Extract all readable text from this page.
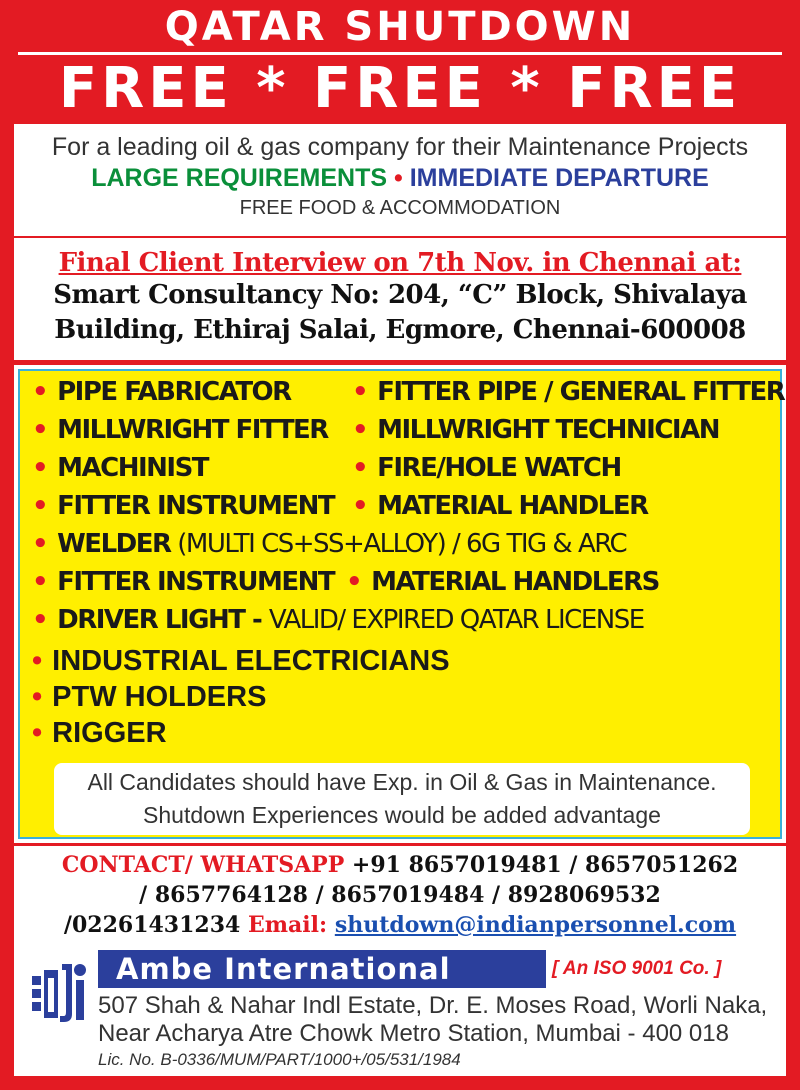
QATAR SHUTDOWN
FREE * FREE * FREE
For a leading oil & gas company for their Maintenance Projects
LARGE REQUIREMENTS • IMMEDIATE DEPARTURE
FREE FOOD & ACCOMMODATION
Final Client Interview on 7th Nov. in Chennai at:
Smart Consultancy No: 204, “C” Block, Shivalaya
Building, Ethiraj Salai, Egmore, Chennai-600008
• PIPE FABRICATOR • FITTER PIPE / GENERAL FITTER
• MILLWRIGHT FITTER • MILLWRIGHT TECHNICIAN
• MACHINIST	• FIRE/HOLE WATCH
• FITTER INSTRUMENT • MATERIAL HANDLER
• WELDER (MULTI CS+SS+ALLOY) / 6G TIG & ARC
• FITTER INSTRUMENT • MATERIAL HANDLERS
• DRIVER LIGHT - VALID/ EXPIRED QATAR LICENSE
• INDUSTRIAL ELECTRICIANS
• PTW HOLDERS
• RIGGER
All Candidates should have Exp. in Oil & Gas in Maintenance.
Shutdown Experiences would be added advantage
CONTACT/ WHATSAPP +91 8657019481 / 8657051262
/ 8657764128 / 8657019484 / 8928069532
/02261431234 Email: shutdown@indianpersonnel.com
Ambe International	[ An ISO 9001 Co. ]
507 Shah & Nahar Indl Estate, Dr. E. Moses Road, Worli Naka,
Near Acharya Atre Chowk Metro Station, Mumbai - 400 018
Lic. No. B-0336/MUM/PART/1000+/05/531/1984
